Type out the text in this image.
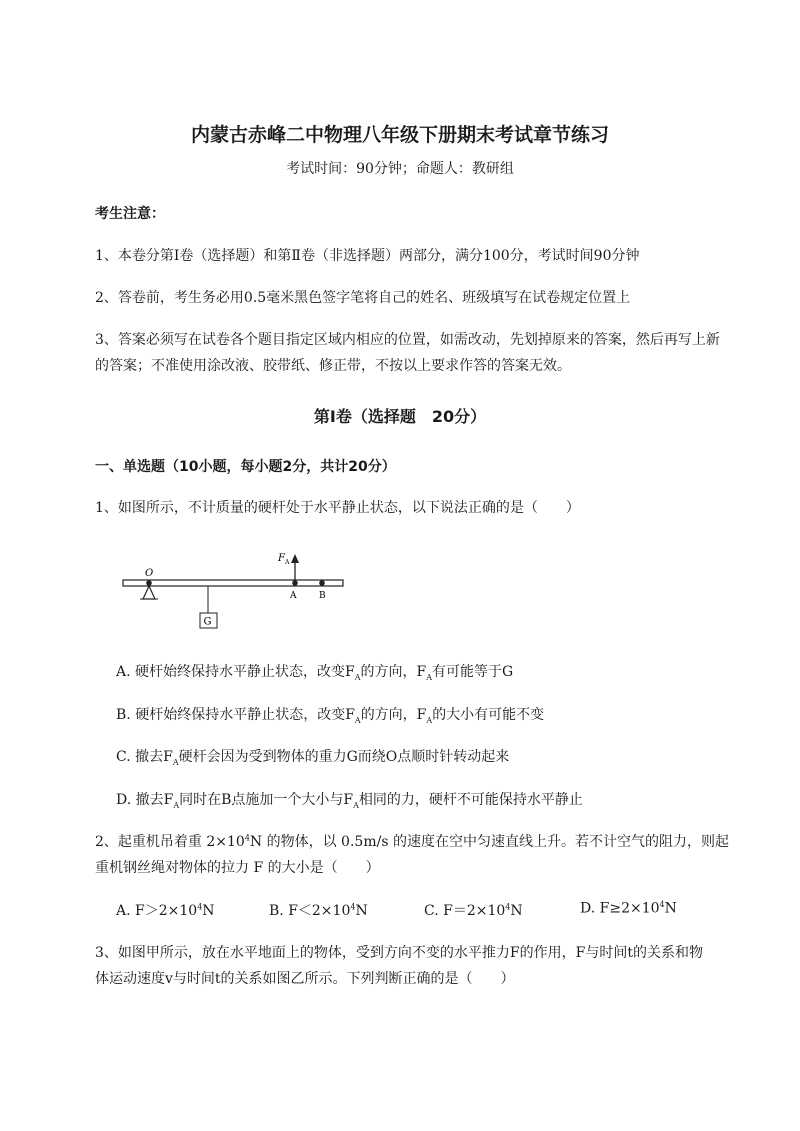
内蒙古赤峰二中物理八年级下册期末考试章节练习
考试时间：90分钟；命题人：教研组
考生注意：
1、本卷分第I卷（选择题）和第Ⅱ卷（非选择题）两部分，满分100分，考试时间90分钟
2、答卷前，考生务必用0.5毫米黑色签字笔将自己的姓名、班级填写在试卷规定位置上
3、答案必须写在试卷各个题目指定区域内相应的位置，如需改动，先划掉原来的答案，然后再写上新
的答案；不准使用涂改液、胶带纸、修正带，不按以上要求作答的答案无效。
第I卷（选择题　20分）
一、单选题（10小题，每小题2分，共计20分）
1、如图所示，不计质量的硬杆处于水平静止状态，以下说法正确的是（　　）
O
G
F A
A	B
A. 硬杆始终保持水平静止状态，改变$F_A$的方向，$F_A$有可能等于G
B. 硬杆始终保持水平静止状态，改变$F_A$的方向，$F_A$的大小有可能不变
C. 撤去$F_A$硬杆会因为受到物体的重力G而绕O点顺时针转动起来
D. 撤去$F_A$同时在B点施加一个大小与$F_A$相同的力，硬杆不可能保持水平静止
2、起重机吊着重 $2\times 10^4N$ 的物体，以 0.5m/s 的速度在空中匀速直线上升。若不计空气的阻力，则起
重机钢丝绳对物体的拉力 F 的大小是（　　）
A. $F>2\times 10^4N$	B. $F<2\times 10^4N$	C. $F=2\times 10^4N$	D. $F\ge 2\times 10^4N$
3、如图甲所示，放在水平地面上的物体，受到方向不变的水平推力F的作用，F与时间t的关系和物
体运动速度v与时间t的关系如图乙所示。下列判断正确的是（　　）
